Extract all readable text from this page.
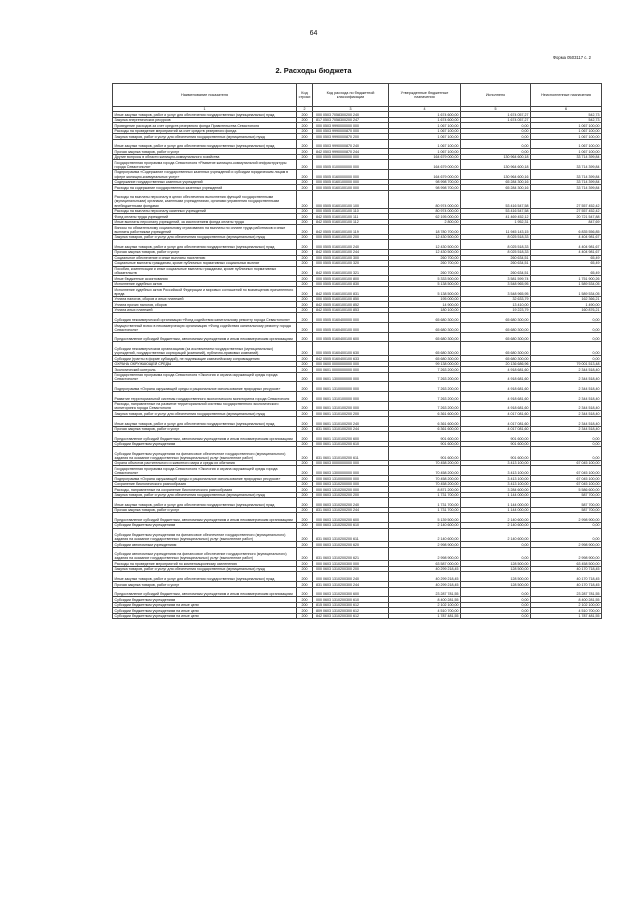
64
Форма 0503117 с. 2
2. Расходы бюджета
Наименование показателя	Код строки	Код расхода по бюджетной классификации	Утвержденные бюджетные назначения	Исполнено	Неисполненные назначения
1	2	3	4	5	6
Иные закупки товаров, работ и услуг для обеспечения государственных (муниципальных) нужд	200	000 0503 7058300200 240	1 674 600,00	1 674 057,27	542,73
Закупка энергетических ресурсов	200	817 0503 7058300200 247	1 674 600,00	1 674 057,27	542,73
Проведение расходов за счет средств резервного фонда Правительства Севастополя	200	000 0503 9990000000 000	1 067 100,00	0,00	1 067 100,00
Расходы на проведение мероприятий за счет средств резервного фонда	200	000 0503 9990000870 000	1 067 100,00	0,00	1 067 100,00
Закупка товаров, работ и услуг для обеспечения государственных (муниципальных) нужд	200	000 0503 9990000870 200	1 067 100,00	0,00	1 067 100,00
Иные закупки товаров, работ и услуг для обеспечения государственных (муниципальных) нужд	200	000 0503 9990000870 240	1 067 100,00	0,00	1 067 100,00
Прочая закупка товаров, работ и услуг	200	842 0503 9990000870 244	1 067 100,00	0,00	1 067 100,00
Другие вопросы в области жилищно-коммунального хозяйства	200	000 0505 0000000000 000	164 679 000,00	130 964 600,18	33 714 399,84
Государственная программа города Севастополя «Развитие жилищно-коммунальной инфраструктуры города Севастополя»	200	000 0505 0100000000 000	164 679 000,00	130 964 600,18	33 714 399,84
Подпрограмма «Содержание государственных казенных учреждений и субсидии юридическим лицам в сфере жилищно-коммунальных услуг»	200	000 0505 0160000000 000	164 679 000,00	130 964 600,16	33 714 399,84
Содержание государственных казенных учреждений	200	000 0505 0160100000 000	98 998 700,00	65 284 300,16	33 714 399,84
Расходы на содержание государственных казенных учреждений	200	000 0505 0160100100 000	98 998 700,00	65 284 300,16	33 714 399,84
Расходы на выплаты персоналу в целях обеспечения выполнения функций государственными (муниципальными) органами, казенными учреждениями, органами управления государственными внебюджетными фондами	200	000 0505 0160100100 100	80 974 000,00	53 416 547,58	27 557 452,42
Расходы на выплаты персоналу казенных учреждений	200	000 0505 0160100100 110	80 974 000,00	53 416 547,58	27 557 452,42
Фонд оплаты труда учреждений	200	842 0505 0160100100 111	62 195 000,00	41 469 452,12	20 721 547,88
Иные выплаты персоналу учреждений, за исключением фонда оплаты труда	200	842 0505 0160100100 112	2 800,00	1 952,31	847,69
Взносы по обязательному социальному страхованию на выплаты по оплате труда работников и иные выплаты работникам учреждений	200	842 0505 0160100100 119	18 780 700,00	11 945 143,15	6 835 556,85
Закупка товаров, работ и услуг для обеспечения государственных (муниципальных) нужд	200	000 0505 0160100100 200	12 430 500,00	8 025 518,33	4 404 981,67
Иные закупки товаров, работ и услуг для обеспечения государственных (муниципальных) нужд	200	000 0505 0160100100 240	12 430 500,00	8 025 518,33	4 404 981,67
Прочая закупка товаров, работ и услуг	200	842 0505 0160100100 244	12 430 500,00	8 025 518,33	4 404 981,67
Социальное обеспечение и иные выплаты населению	200	000 0505 0160100100 300	260 700,00	260 634,51	65,49
Социальные выплаты гражданам, кроме публичных нормативных социальных выплат	200	000 0505 0160100100 320	260 700,00	260 634,51	65,49
Пособия, компенсации и иные социальные выплаты гражданам, кроме публичных нормативных обязательств	200	842 0505 0160100100 321	260 700,00	260 634,51	65,49
Иные бюджетные ассигнования	200	000 0505 0160100100 800	5 333 500,00	3 581 599,74	1 751 900,26
Исполнение судебных актов	200	000 0505 0160100100 830	5 138 500,00	3 548 965,95	1 589 534,05
Исполнение судебных актов Российской Федерации и мировых соглашений по возмещению причиненного вреда	200	842 0505 0160100100 831	5 138 500,00	3 548 965,95	1 589 534,05
Уплата налогов, сборов и иных платежей	200	000 0505 0160100100 850	195 000,00	32 633,79	162 366,21
Уплата прочих налогов, сборов	200	842 0505 0160100100 852	14 900,00	13 410,00	1 490,00
Уплата иных платежей	200	842 0505 0160100100 853	180 100,00	19 223,79	160 876,21
Субсидия некоммерческой организации «Фонд содействия капитальному ремонту города Севастополя»	200	000 0505 0160400000 000	65 680 300,00	65 680 300,00	0,00
Имущественный взнос в некоммерческую организацию «Фонд содействия капитальному ремонту города Севастополя»	200	000 0505 0160400100 000	65 680 300,00	65 680 300,00	0,00
Предоставление субсидий бюджетным, автономным учреждениям и иным некоммерческим организациям	200	000 0505 0160400100 600	65 680 300,00	65 680 300,00	0,00
Субсидии некоммерческим организациям (за исключением государственных (муниципальных) учреждений, государственных корпораций (компаний), публично-правовых компаний)	200	000 0505 0160400100 630	65 680 300,00	65 680 300,00	0,00
Субсидии (гранты в форме субсидий), не подлежащие казначейскому сопровождению	200	842 0505 0160400100 633	65 680 300,00	65 680 300,00	0,00
ОХРАНА ОКРУЖАЮЩЕЙ СРЕДЫ	200	000 0600 0000000000 000	99 138 000,00	20 136 686,96	79 001 513,48
Экологический контроль	200	000 0601 0000000000 000	7 263 200,00	4 918 681,60	2 344 518,40
Государственная программа города Севастополя «Экология и охрана окружающей среды города Севастополя»	200	000 0601 1300000000 000	7 263 200,00	4 918 681,60	2 344 518,40
Подпрограмма «Охрана окружающей среды и рациональное использование природных ресурсов»	200	000 0601 1310000000 000	7 263 200,00	4 918 681,60	2 344 518,40
Развитие территориальной системы государственного экологического мониторинга города Севастополя	200	000 0601 1310100000 000	7 263 200,00	4 918 681,60	2 344 518,40
Расходы, направленные на развитие территориальной системы государственного экологического мониторинга города Севастополя	200	000 0601 1310100200 000	7 263 200,00	4 918 681,60	2 344 518,40
Закупка товаров, работ и услуг для обеспечения государственных (муниципальных) нужд	200	000 0601 1310100200 200	6 361 600,00	4 017 081,60	2 344 518,40
Иные закупки товаров, работ и услуг для обеспечения государственных (муниципальных) нужд	200	000 0601 1310100200 240	6 361 600,00	4 017 081,60	2 344 518,40
Прочая закупка товаров, работ и услуг	200	831 0601 1310100200 244	6 361 600,00	4 017 081,60	2 344 518,40
Предоставление субсидий бюджетным, автономным учреждениям и иным некоммерческим организациям	200	000 0601 1310100200 600	901 600,00	901 600,00	0,00
Субсидии бюджетным учреждениям	200	000 0601 1310100200 610	901 600,00	901 600,00	0,00
Субсидии бюджетным учреждениям на финансовое обеспечение государственного (муниципального) задания на оказание государственных (муниципальных) услуг (выполнение работ)	200	831 0601 1310100200 611	901 600,00	901 600,00	0,00
Охрана объектов растительного и животного мира и среды их обитания	200	000 0603 0000000000 000	70 458 200,00	3 413 100,00	67 045 100,00
Государственная программа города Севастополя «Экология и охрана окружающей среды города Севастополя»	200	000 0603 1300000000 000	70 458 200,00	3 413 100,00	67 045 100,00
Подпрограмма «Охрана окружающей среды и рациональное использование природных ресурсов»	200	000 0603 1310000000 000	70 458 200,00	3 413 100,00	67 045 100,00
Сохранение биологического разнообразия	200	000 0603 1310200000 000	70 458 200,00	3 413 100,00	67 045 100,00
Расходы, направленные на сохранение биологического разнообразия	200	000 0603 1310200200 000	8 871 200,00	3 284 600,00	5 586 600,00
Закупка товаров, работ и услуг для обеспечения государственных (муниципальных) нужд	200	000 0603 1310200200 200	1 731 700,00	1 144 000,00	587 700,00
Иные закупки товаров, работ и услуг для обеспечения государственных (муниципальных) нужд	200	000 0603 1310200200 240	1 731 700,00	1 144 000,00	587 700,00
Прочая закупка товаров, работ и услуг	200	831 0603 1310200200 244	1 731 700,00	1 144 000,00	587 700,00
Предоставление субсидий бюджетным, автономным учреждениям и иным некоммерческим организациям	200	000 0603 1310200200 600	5 139 500,00	2 140 600,00	2 998 900,00
Субсидии бюджетным учреждениям	200	000 0603 1310200200 610	2 140 600,00	2 140 600,00	0,00
Субсидии бюджетным учреждениям на финансовое обеспечение государственного (муниципального) задания на оказание государственных (муниципальных) услуг (выполнение работ)	200	831 0603 1310200200 611	2 140 600,00	2 140 600,00	0,00
Субсидии автономным учреждениям	200	000 0603 1310200200 620	2 998 900,00	0,00	2 998 900,00
Субсидии автономным учреждениям на финансовое обеспечение государственного (муниципального) задания на оказание государственных (муниципальных) услуг (выполнение работ)	200	831 0603 1310200200 621	2 998 900,00	0,00	2 998 900,00
Расходы на проведение мероприятий по компенсационному озеленению	200	000 0603 1310200300 000	63 587 000,00	128 500,00	63 458 500,00
Закупка товаров, работ и услуг для обеспечения государственных (муниципальных) нужд	200	000 0603 1310200300 200	40 299 218,45	128 500,00	40 170 718,45
Иные закупки товаров, работ и услуг для обеспечения государственных (муниципальных) нужд	200	000 0603 1310200300 240	40 299 218,45	128 500,00	40 170 718,45
Прочая закупка товаров, работ и услуг	200	831 0603 1310200300 244	40 299 218,45	128 500,00	40 170 718,45
Предоставление субсидий бюджетным, автономным учреждениям и иным некоммерческим организациям	200	000 0603 1310200300 600	23 287 781,55	0,00	23 287 781,55
Субсидии бюджетным учреждениям	200	000 0603 1310200300 610	8 400 281,55	0,00	8 400 281,55
Субсидии бюджетным учреждениям на иные цели	200	815 0603 1310200300 612	2 102 100,00	0,00	2 102 100,00
Субсидии бюджетным учреждениям на иные цели	200	809 0603 1310200300 612	4 510 700,00	0,00	4 510 700,00
Субсидии бюджетным учреждениям на иные цели	200	842 0603 1310200300 612	1 787 481,55	0,00	1 787 481,55
